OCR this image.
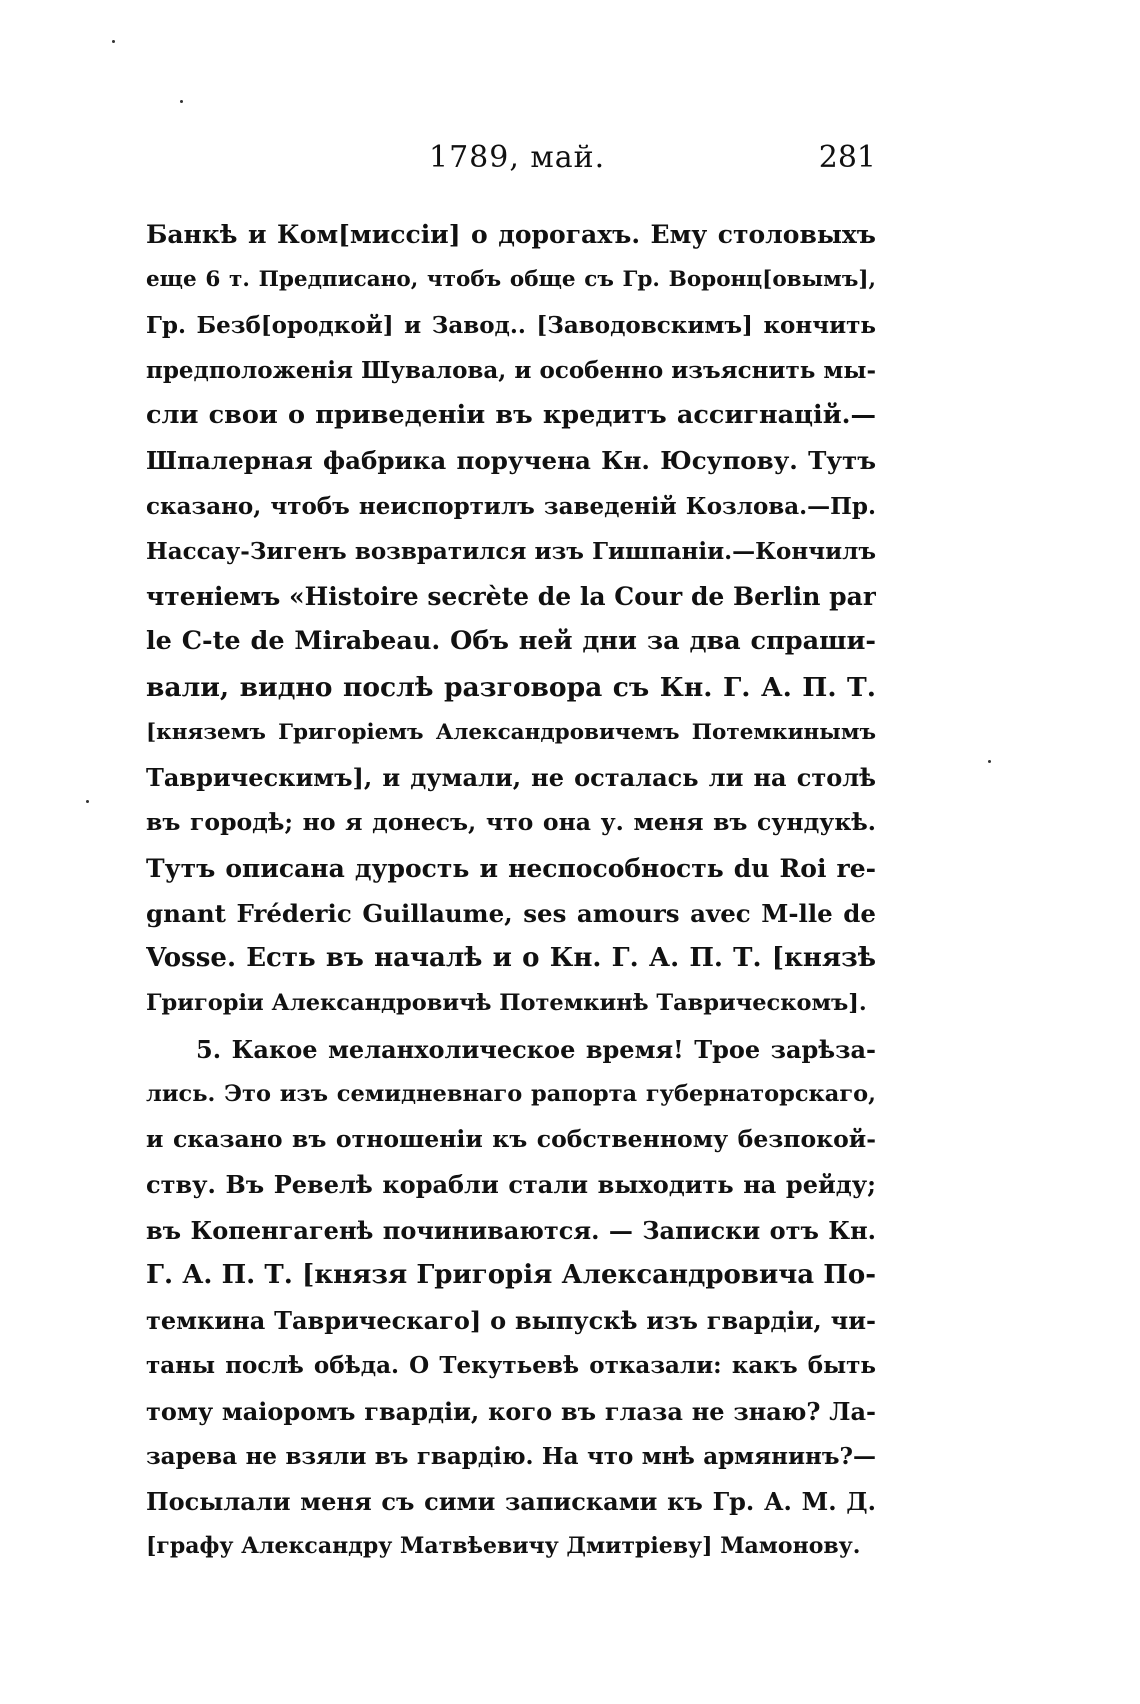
1789, май.	281
Банкѣ и Ком[миссіи] о дорогахъ. Ему столовыхъ
еще 6 т. Предписано, чтобъ обще съ Гр. Воронц[овымъ],
Гр. Безб[ородкой] и Завод.. [Заводовскимъ] кончить
предположенія Шувалова, и особенно изъяснить мы-
сли свои о приведеніи въ кредитъ ассигнацій.—
Шпалерная фабрика поручена Кн. Юсупову. Тутъ
сказано, чтобъ неиспортилъ заведеній Козлова.—Пр.
Нассау-Зигенъ возвратился изъ Гишпаніи.—Кончилъ
чтеніемъ «Histoire secrète de la Cour de Berlin par
le C-te de Mirabeau. Объ ней дни за два спраши-
вали, видно послѣ разговора съ Кн. Г. А. П. Т.
[княземъ Григоріемъ Александровичемъ Потемкинымъ
Таврическимъ], и думали, не осталась ли на столѣ
въ городѣ; но я донесъ, что она у. меня въ сундукѣ.
Тутъ описана дурость и неспособность du Roi re-
gnant Fréderic Guillaume, ses amours avec M-lle de
Vosse. Есть въ началѣ и о Кн. Г. А. П. Т. [князѣ
Григоріи Александровичѣ Потемкинѣ Таврическомъ].
5. Какое меланхолическое время! Трое зарѣза-
лись. Это изъ семидневнаго рапорта губернаторскаго,
и сказано въ отношеніи къ собственному безпокой-
ству. Въ Ревелѣ корабли стали выходить на рейду;
въ Копенгагенѣ починиваются. — Записки отъ Кн.
Г. А. П. Т. [князя Григорія Александровича По-
темкина Таврическаго] о выпускѣ изъ гвардіи, чи-
таны послѣ обѣда. О Текутьевѣ отказали: какъ быть
тому маіоромъ гвардіи, кого въ глаза не знаю? Ла-
зарева не взяли въ гвардію. На что мнѣ армянинъ?—
Посылали меня съ сими записками къ Гр. А. М. Д.
[графу Александру Матвѣевичу Дмитріеву] Мамонову.
